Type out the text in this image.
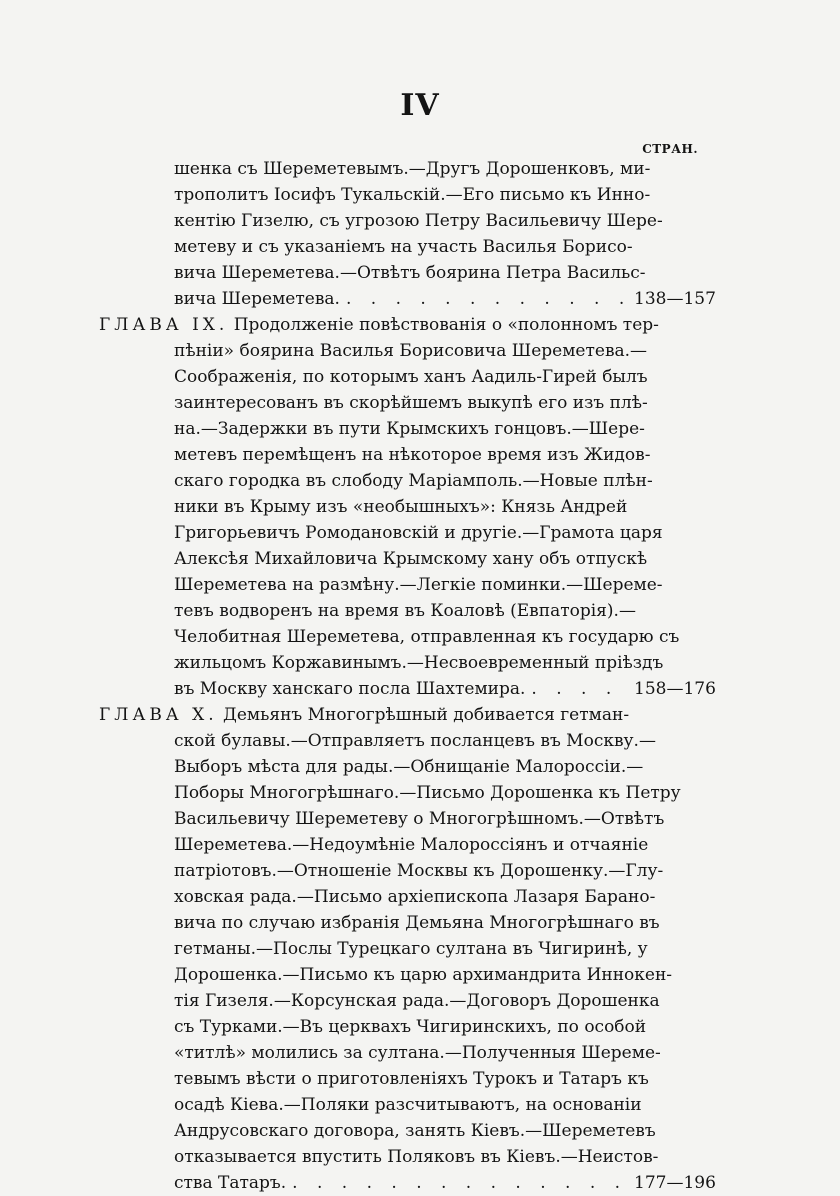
IV
СТРАН.
шенка съ Шереметевымъ.—Другъ Дорошенковъ, ми-
трополитъ Іосифъ Тукальскій.—Его письмо къ Инно-
кентію Гизелю, съ угрозою Петру Васильевичу Шере-
метеву и съ указаніемъ на участь Василья Борисо-
вича Шереметева.—Отвѣтъ боярина Петра Васильс-
вича Шереметева. . . .	138—157
ГЛАВА IX. Продолженіе повѣствованія о «полонномъ тер-
пѣніи» боярина Василья Борисовича Шереметева.—
Соображенія, по которымъ ханъ Аадиль-Гирей былъ
заинтересованъ въ скорѣйшемъ выкупѣ его изъ плѣ-
на.—Задержки въ пути Крымскихъ гонцовъ.—Шере-
метевъ перемѣщенъ на нѣкоторое время изъ Жидов-
скаго городка въ слободу Маріамполь.—Новые плѣн-
ники въ Крыму изъ «необышныхъ»: Князь Андрей
Григорьевичъ Ромодановскій и другіе.—Грамота царя
Алексѣя Михайловича Крымскому хану объ отпускѣ
Шереметева на размѣну.—Легкіе поминки.—Шереме-
тевъ водворенъ на время въ Коаловѣ (Евпаторія).—
Челобитная Шереметева, отправленная къ государю съ
жильцомъ Коржавинымъ.—Несвоевременный пріѣздъ
въ Москву ханскаго посла Шахтемира. . . .	158—176
ГЛАВА X. Демьянъ Многогрѣшный добивается гетман-
ской булавы.—Отправляетъ посланцевъ въ Москву.—
Выборъ мѣста для рады.—Обнищаніе Малороссіи.—
Поборы Многогрѣшнаго.—Письмо Дорошенка къ Петру
Васильевичу Шереметеву о Многогрѣшномъ.—Отвѣтъ
Шереметева.—Недоумѣніе Малороссіянъ и отчаяніе
патріотовъ.—Отношеніе Москвы къ Дорошенку.—Глу-
ховская рада.—Письмо архіепископа Лазаря Барано-
вича по случаю избранія Демьяна Многогрѣшнаго въ
гетманы.—Послы Турецкаго султана въ Чигиринѣ, у
Дорошенка.—Письмо къ царю архимандрита Иннокен-
тія Гизеля.—Корсунская рада.—Договоръ Дорошенка
съ Турками.—Въ церквахъ Чигиринскихъ, по особой
«титлѣ» молились за султана.—Полученныя Шереме-
тевымъ вѣсти о приготовленіяхъ Турокъ и Татаръ къ
осадѣ Кіева.—Поляки разсчитываютъ, на основаніи
Андрусовскаго договора, занять Кіевъ.—Шереметевъ
отказывается впустить Поляковъ въ Кіевъ.—Неистов-
ства Татаръ. . . .	177—196
